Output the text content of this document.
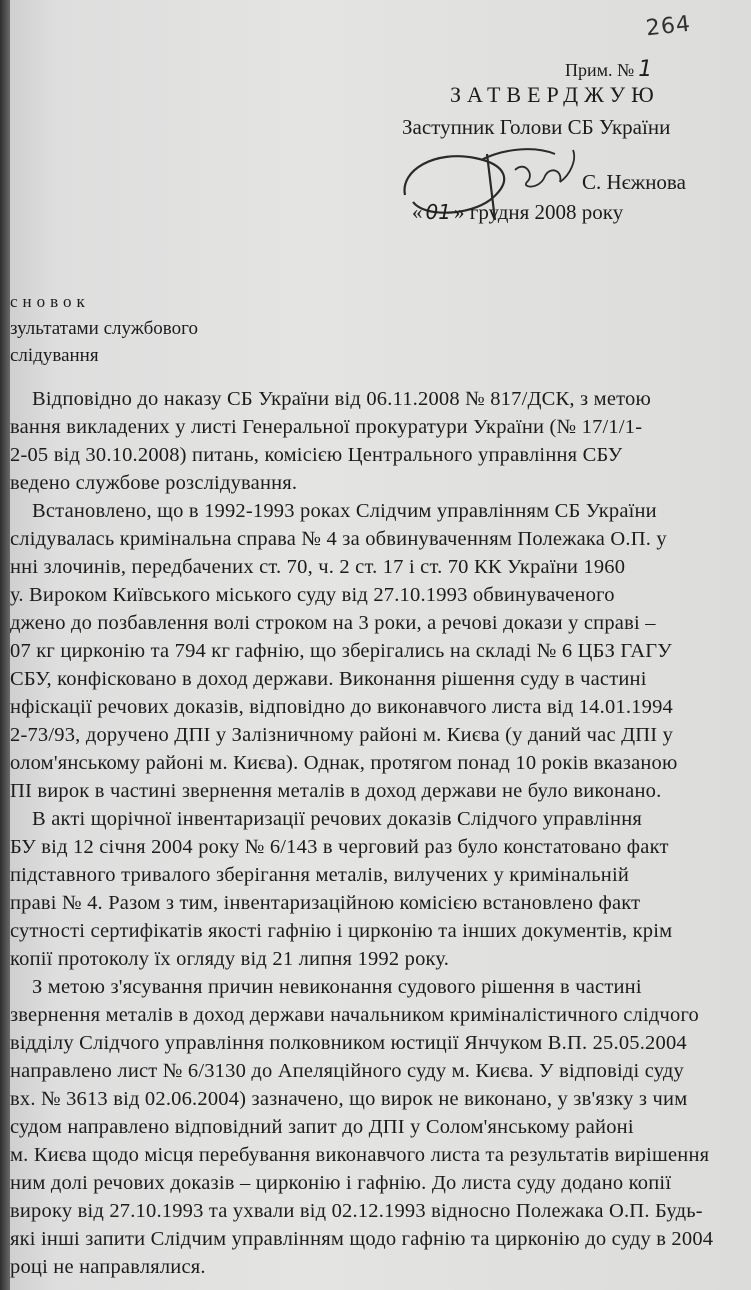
264
Прим. № 1
ЗАТВЕРДЖУЮ
Заступник Голови СБ України
С. Нєжнова
« 01 » грудня 2008 року
сновок
зультатами службового
слідування
Відповідно до наказу СБ України від 06.11.2008 № 817/ДСК, з метою
вання викладених у листі Генеральної прокуратури України (№ 17/1/1-
2-05 від 30.10.2008) питань, комісією Центрального управління СБУ
ведено службове розслідування.
Встановлено, що в 1992-1993 роках Слідчим управлінням СБ України
слідувалась кримінальна справа № 4 за обвинуваченням Полежака О.П. у
нні злочинів, передбачених ст. 70, ч. 2 ст. 17 і ст. 70 КК України 1960
у. Вироком Київського міського суду від 27.10.1993 обвинуваченого
джено до позбавлення волі строком на 3 роки, а речові докази у справі –
07 кг цирконію та 794 кг гафнію, що зберігались на складі № 6 ЦБЗ ГАГУ
СБУ, конфісковано в доход держави. Виконання рішення суду в частині
нфіскації речових доказів, відповідно до виконавчого листа від 14.01.1994
2-73/93, доручено ДПІ у Залізничному районі м. Києва (у даний час ДПІ у
олом'янському районі м. Києва). Однак, протягом понад 10 років вказаною
ПІ вирок в частині звернення металів в доход держави не було виконано.
В акті щорічної інвентаризації речових доказів Слідчого управління
БУ від 12 січня 2004 року № 6/143 в черговий раз було констатовано факт
підставного тривалого зберігання металів, вилучених у кримінальній
праві № 4. Разом з тим, інвентаризаційною комісією встановлено факт
сутності сертифікатів якості гафнію і цирконію та інших документів, крім
копії протоколу їх огляду від 21 липня 1992 року.
З метою з'ясування причин невиконання судового рішення в частині
звернення металів в доход держави начальником криміналістичного слідчого
відділу Слідчого управління полковником юстиції Янчуком В.П. 25.05.2004
направлено лист № 6/3130 до Апеляційного суду м. Києва. У відповіді суду
вх. № 3613 від 02.06.2004) зазначено, що вирок не виконано, у зв'язку з чим
судом направлено відповідний запит до ДПІ у Солом'янському районі
м. Києва щодо місця перебування виконавчого листа та результатів вирішення
ним долі речових доказів – цирконію і гафнію. До листа суду додано копії
вироку від 27.10.1993 та ухвали від 02.12.1993 відносно Полежака О.П. Будь-
які інші запити Слідчим управлінням щодо гафнію та цирконію до суду в 2004
році не направлялися.
